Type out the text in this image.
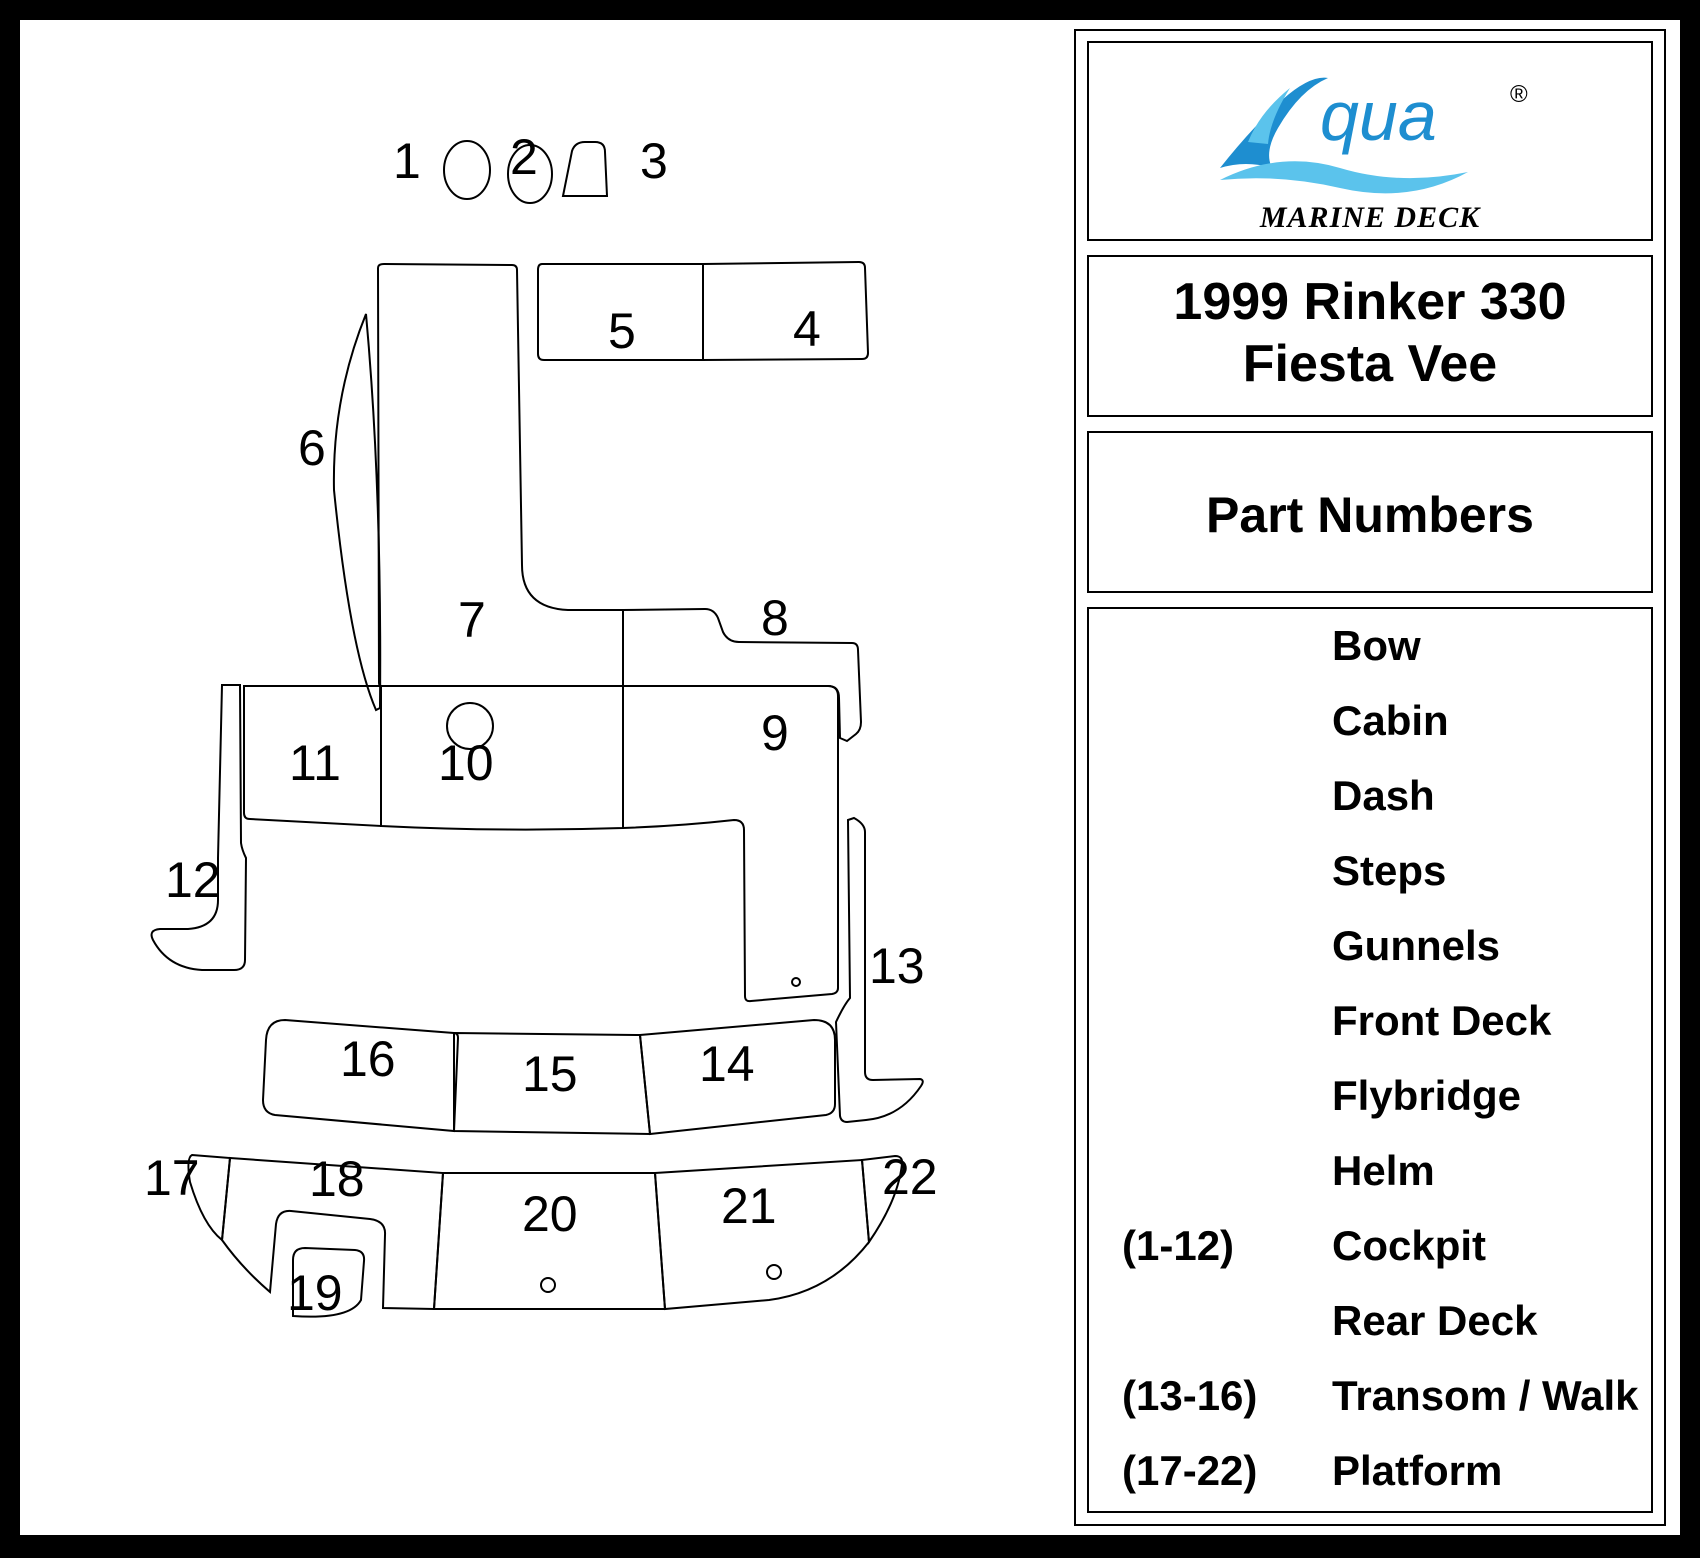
1 2 3
4
5
6
7	8
9
10
11
12
13
14
15
16
17 18
19
20	21
22
qua	®
MARINE DECK
1999 Rinker 330
Fiesta Vee
Part Numbers
Bow
Cabin
Dash
Steps
Gunnels
Front Deck
Flybridge
Helm
(1-12) Cockpit
Rear Deck
(13-16) Transom / Walk
(17-22) Platform
